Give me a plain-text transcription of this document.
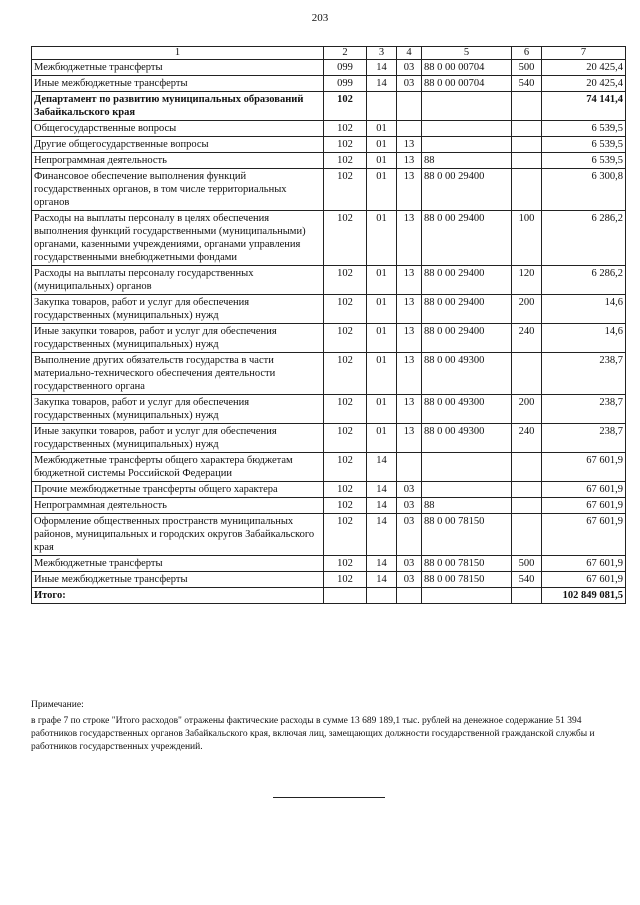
203
1	2	3	4	5	6	7
Межбюджетные трансферты	099	14	03	88 0 00 00704	500	20 425,4
Иные межбюджетные трансферты	099	14	03	88 0 00 00704	540	20 425,4
Департамент по развитию муниципальных образований Забайкальского края	102					74 141,4
Общегосударственные вопросы	102	01				6 539,5
Другие общегосударственные вопросы	102	01	13			6 539,5
Непрограммная деятельность	102	01	13	88		6 539,5
Финансовое обеспечение выполнения функций государственных органов, в том числе территориальных органов	102	01	13	88 0 00 29400		6 300,8
Расходы на выплаты персоналу в целях обеспечения выполнения функций государственными (муниципальными) органами, казенными учреждениями, органами управления государственными внебюджетными фондами	102	01	13	88 0 00 29400	100	6 286,2
Расходы на выплаты персоналу государственных (муниципальных) органов	102	01	13	88 0 00 29400	120	6 286,2
Закупка товаров, работ и услуг для обеспечения государственных (муниципальных) нужд	102	01	13	88 0 00 29400	200	14,6
Иные закупки товаров, работ и услуг для обеспечения государственных (муниципальных) нужд	102	01	13	88 0 00 29400	240	14,6
Выполнение других обязательств государства в части материально-технического обеспечения деятельности государственного органа	102	01	13	88 0 00 49300		238,7
Закупка товаров, работ и услуг для обеспечения государственных (муниципальных) нужд	102	01	13	88 0 00 49300	200	238,7
Иные закупки товаров, работ и услуг для обеспечения государственных (муниципальных) нужд	102	01	13	88 0 00 49300	240	238,7
Межбюджетные трансферты общего характера бюджетам бюджетной системы Российской Федерации	102	14				67 601,9
Прочие межбюджетные трансферты общего характера	102	14	03			67 601,9
Непрограммная деятельность	102	14	03	88		67 601,9
Оформление общественных пространств муниципальных районов, муниципальных и городских округов Забайкальского края	102	14	03	88 0 00 78150		67 601,9
Межбюджетные трансферты	102	14	03	88 0 00 78150	500	67 601,9
Иные межбюджетные трансферты	102	14	03	88 0 00 78150	540	67 601,9
Итого:						102 849 081,5

Примечание:

в графе 7 по строке "Итого расходов" отражены фактические расходы в сумме 13 689 189,1 тыс. рублей на денежное содержание 51 394 работников государственных органов Забайкальского края, включая лиц, замещающих должности государственной гражданской службы и работников государственных учреждений.
